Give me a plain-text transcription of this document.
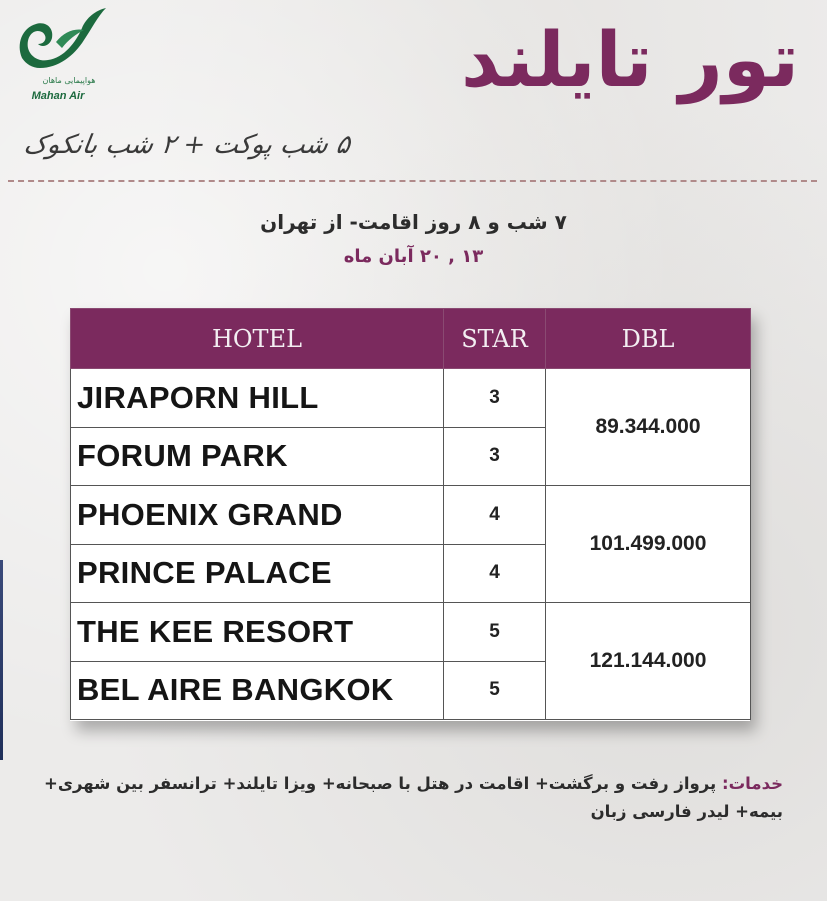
هواپیمایی ماهان
Mahan Air	تور تایلند
۵ شب پوکت + ۲ شب بانکوک
۷ شب و ۸ روز اقامت- از تهران
۱۳ , ۲۰ آبان ماه
HOTEL	STAR	DBL
JIRAPORN HILL	3	89.344.000
FORUM PARK	3	
PHOENIX GRAND	4	101.499.000
PRINCE PALACE	4	
THE KEE RESORT	5	121.144.000
BEL AIRE BANGKOK	5	
خدمات: پرواز رفت و برگشت+ اقامت در هتل با صبحانه+ ویزا تایلند+ ترانسفر بین شهری+ بیمه+ لیدر فارسی زبان
